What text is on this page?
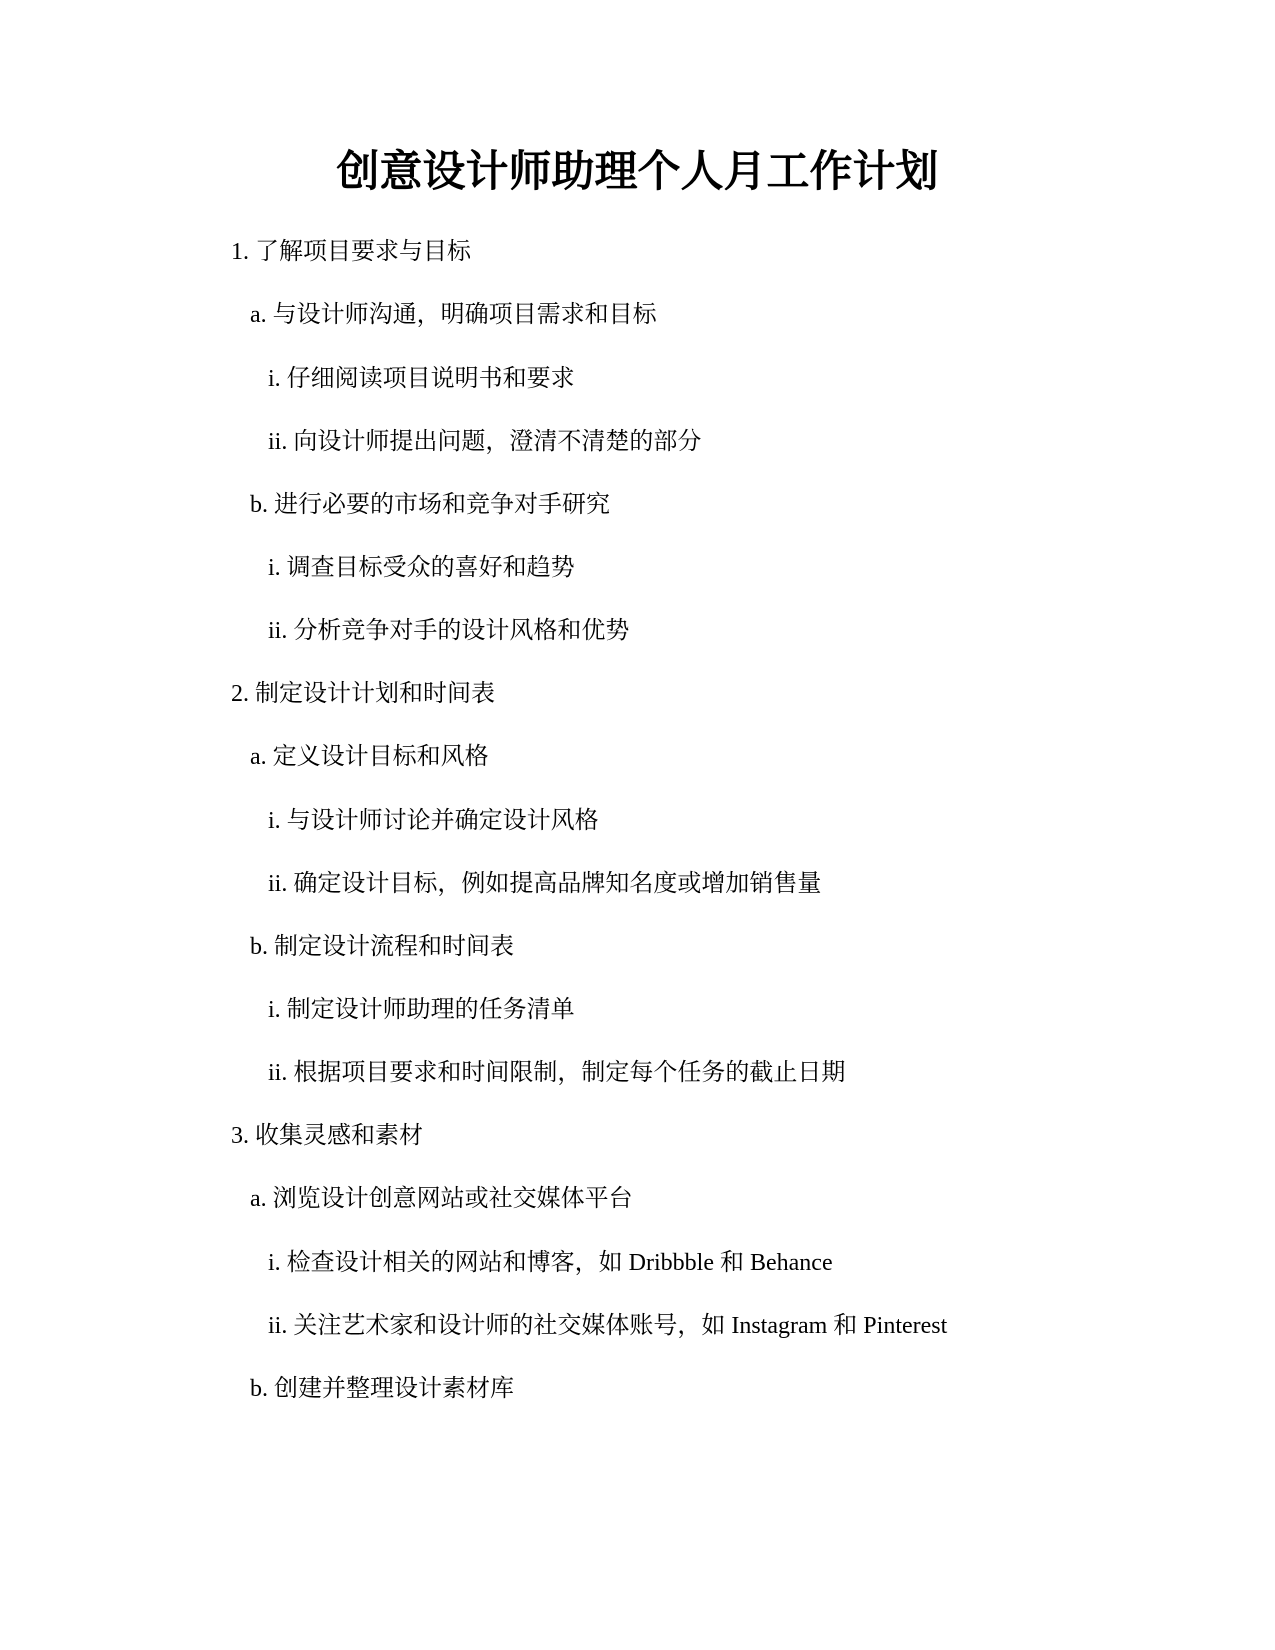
创意设计师助理个人月工作计划
1. 了解项目要求与目标
a. 与设计师沟通，明确项目需求和目标
i. 仔细阅读项目说明书和要求
ii. 向设计师提出问题，澄清不清楚的部分
b. 进行必要的市场和竞争对手研究
i. 调查目标受众的喜好和趋势
ii. 分析竞争对手的设计风格和优势
2. 制定设计计划和时间表
a. 定义设计目标和风格
i. 与设计师讨论并确定设计风格
ii. 确定设计目标，例如提高品牌知名度或增加销售量
b. 制定设计流程和时间表
i. 制定设计师助理的任务清单
ii. 根据项目要求和时间限制，制定每个任务的截止日期
3. 收集灵感和素材
a. 浏览设计创意网站或社交媒体平台
i. 检查设计相关的网站和博客，如 Dribbble 和 Behance
ii. 关注艺术家和设计师的社交媒体账号，如 Instagram 和 Pinterest
b. 创建并整理设计素材库
